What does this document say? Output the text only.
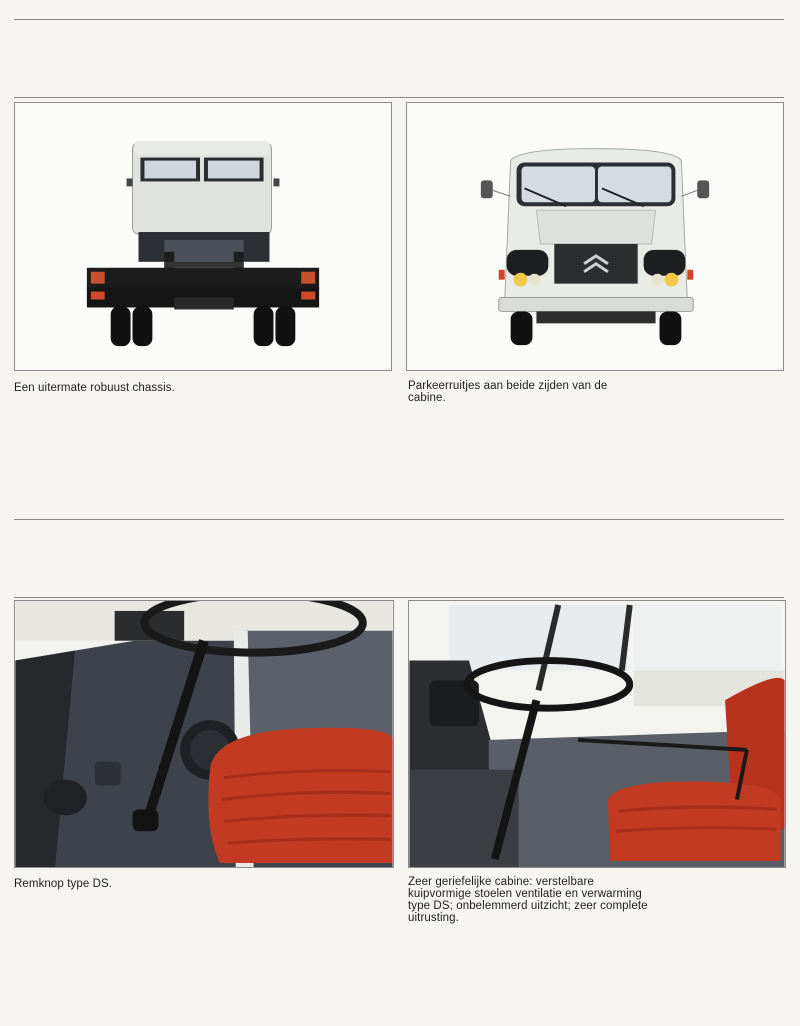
Een uitermate robuust chassis.	Parkeerruitjes aan beide zijden van de cabine.
Remknop type DS.	Zeer geriefelijke cabine: verstelbare kuipvormige stoelen ventilatie en verwarming type DS; onbelemmerd uitzicht; zeer complete uitrusting.
